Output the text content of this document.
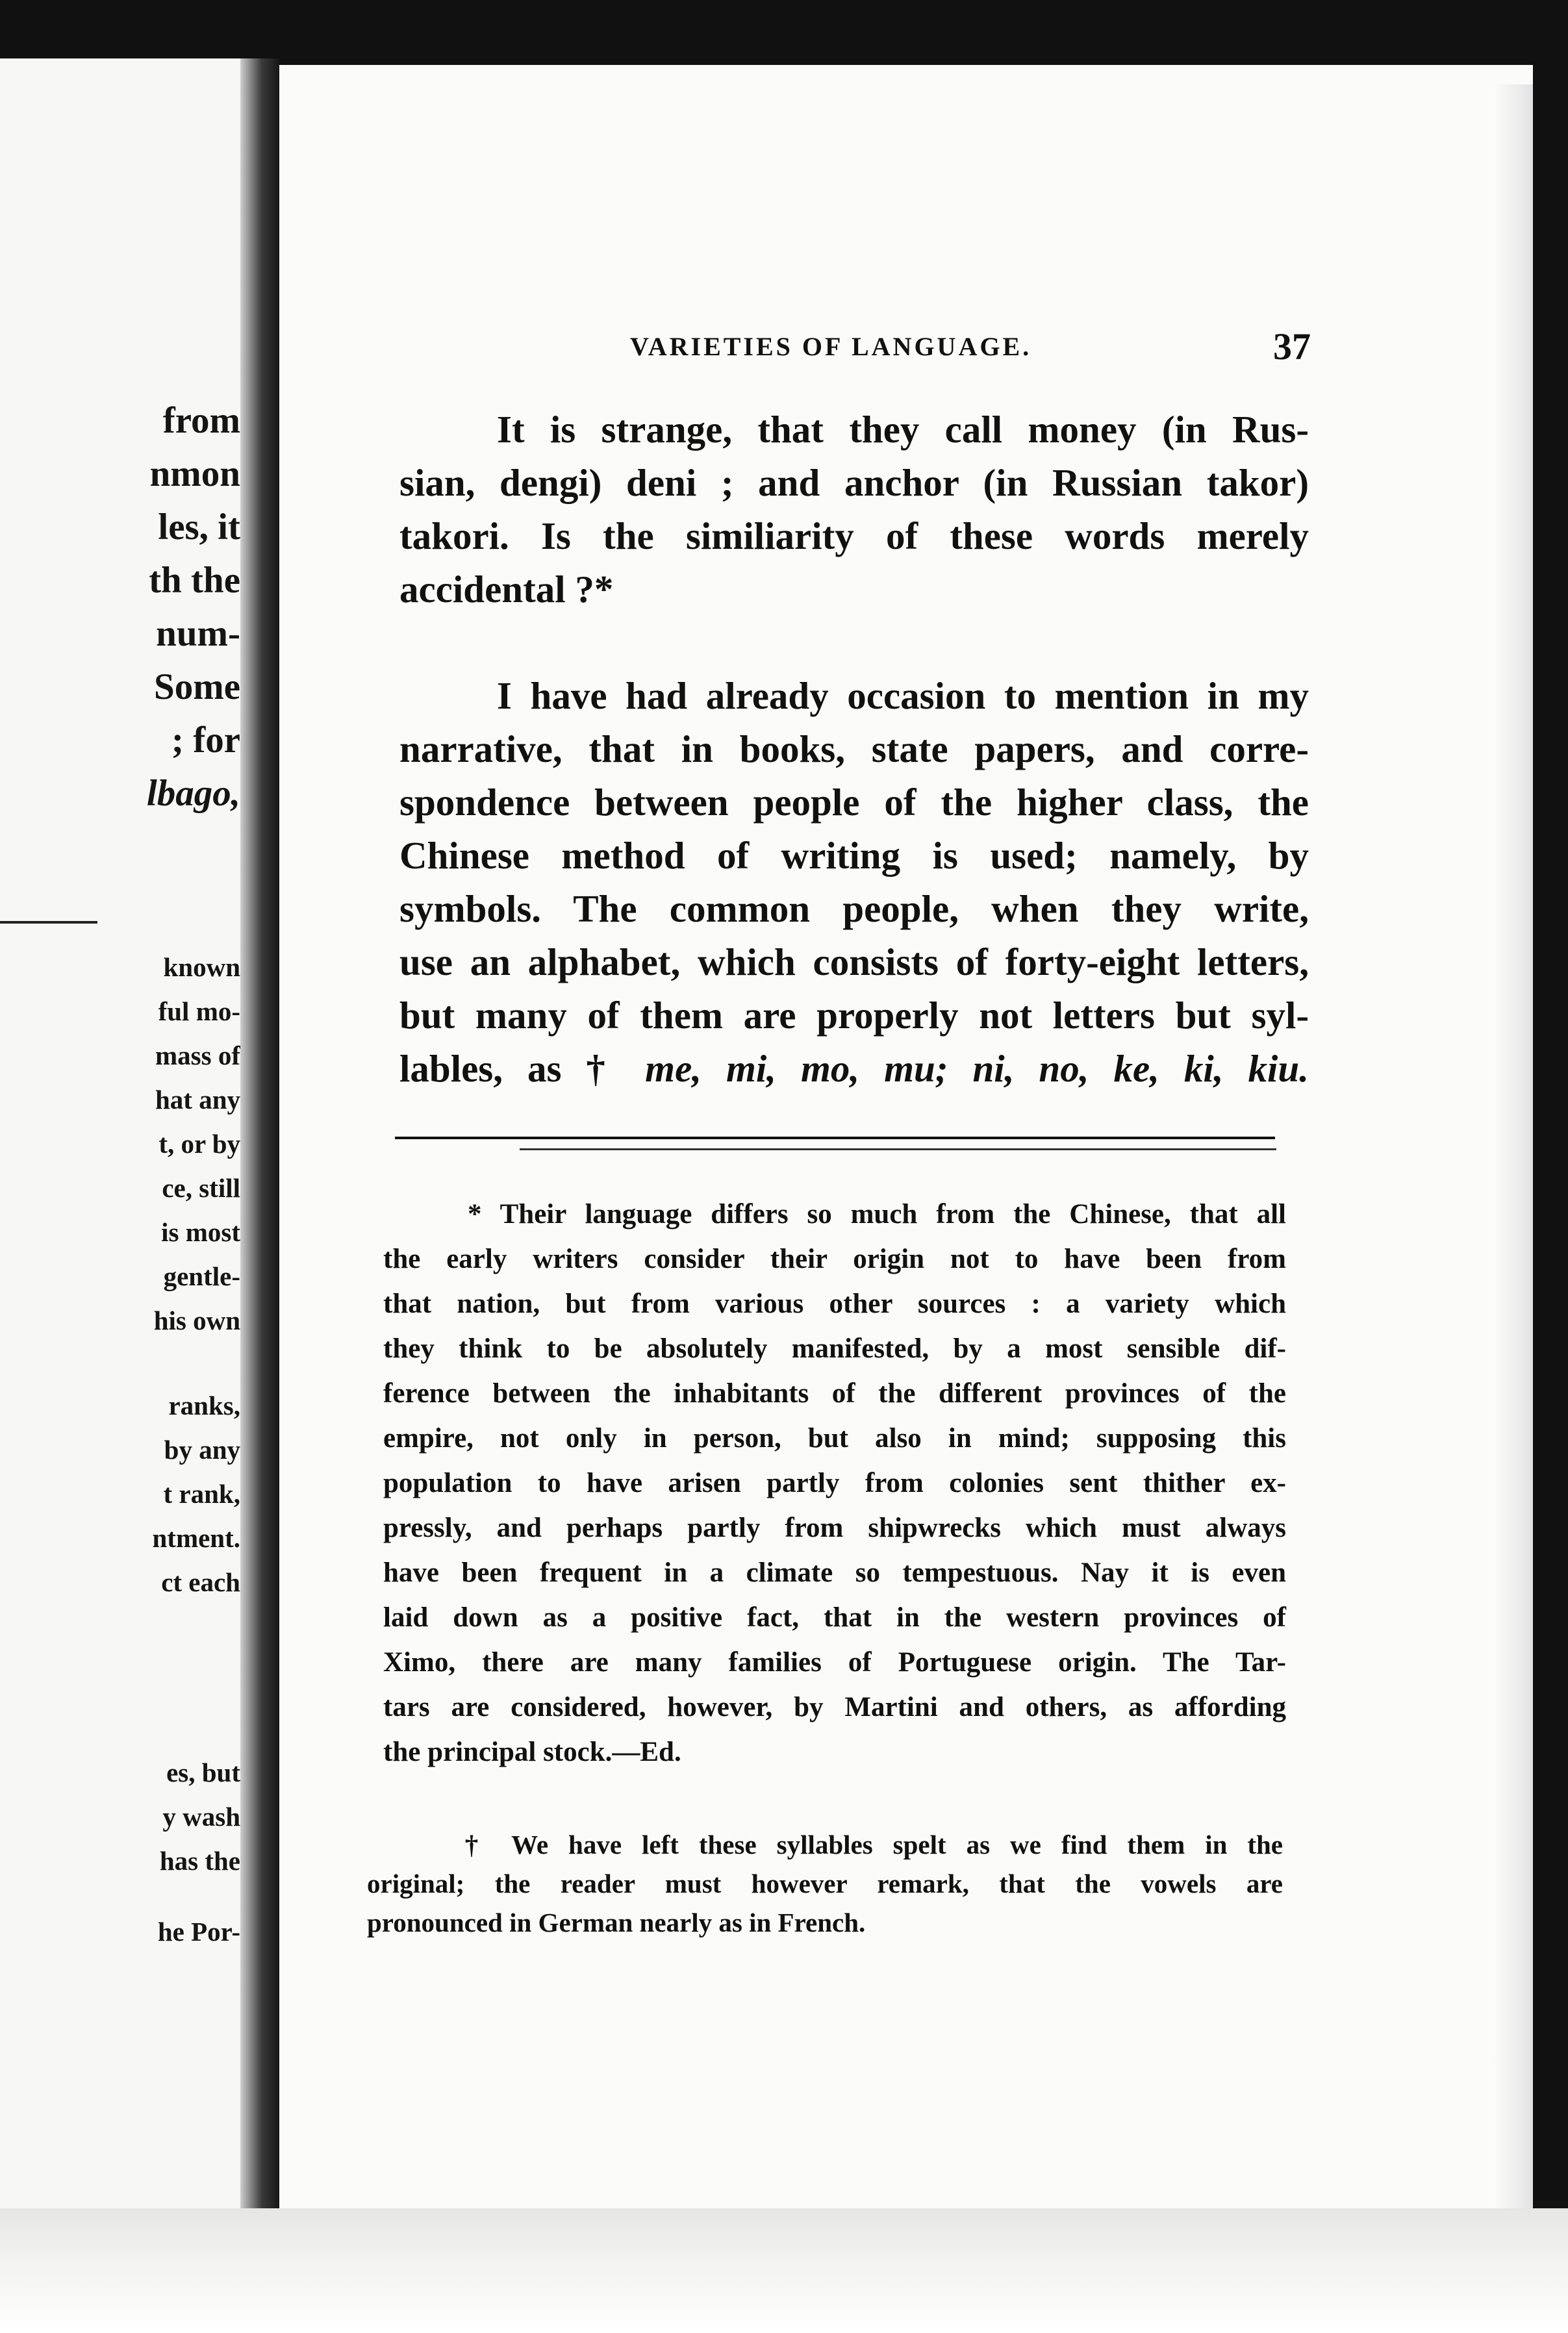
from
nmon
les, it
th the
num-
Some
; for
lbago,
known
ful mo-
mass of
hat any
t, or by
ce, still
is most
gentle-
his own
ranks,
by any
t rank,
ntment.
ct each
es, but
y wash
has the
he Por-
VARIETIES OF LANGUAGE.	37
It is strange, that they call money (in Rus-
sian, dengi) deni ; and anchor (in Russian takor)
takori. Is the similiarity of these words merely
accidental ?*
I have had already occasion to mention in my
narrative, that in books, state papers, and corre-
spondence between people of the higher class, the
Chinese method of writing is used; namely, by
symbols. The common people, when they write,
use an alphabet, which consists of forty-eight letters,
but many of them are properly not letters but syl-
lables, as † me, mi, mo, mu; ni, no, ke, ki, kiu.
* Their language differs so much from the Chinese, that all
the early writers consider their origin not to have been from
that nation, but from various other sources : a variety which
they think to be absolutely manifested, by a most sensible dif-
ference between the inhabitants of the different provinces of the
empire, not only in person, but also in mind; supposing this
population to have arisen partly from colonies sent thither ex-
pressly, and perhaps partly from shipwrecks which must always
have been frequent in a climate so tempestuous. Nay it is even
laid down as a positive fact, that in the western provinces of
Ximo, there are many families of Portuguese origin. The Tar-
tars are considered, however, by Martini and others, as affording
the principal stock.—Ed.
† We have left these syllables spelt as we find them in the
original; the reader must however remark, that the vowels are
pronounced in German nearly as in French.
